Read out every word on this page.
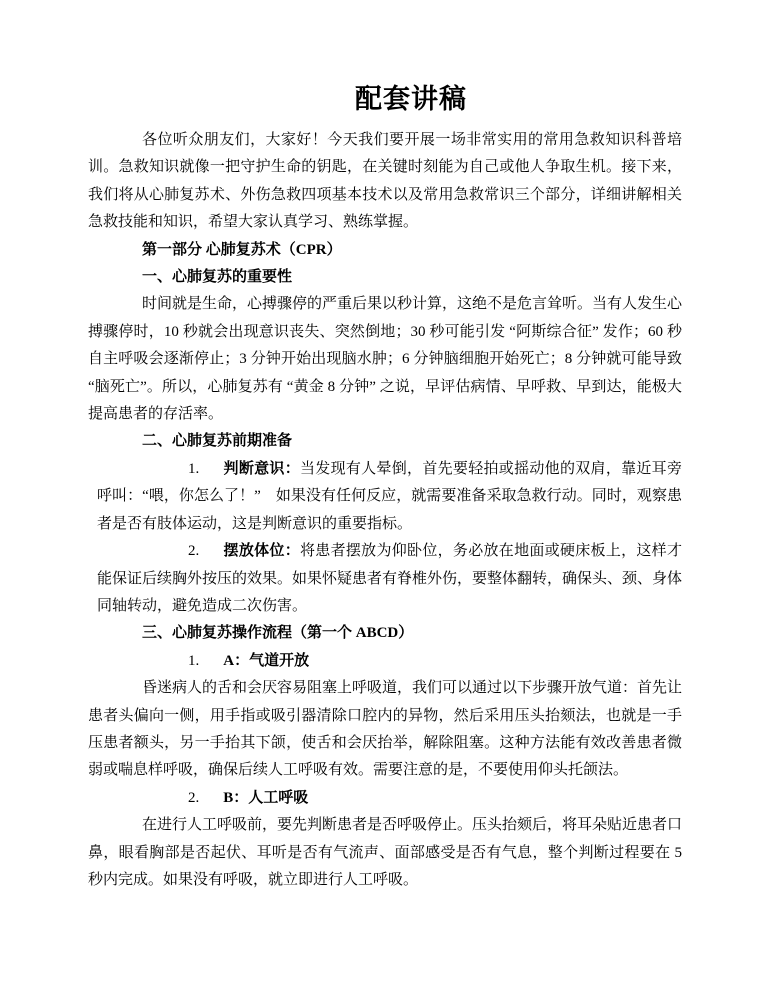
配套讲稿

各位听众朋友们，大家好！今天我们要开展一场非常实用的常用急救知识科普培训。急救知识就像一把守护生命的钥匙，在关键时刻能为自己或他人争取生机。接下来，我们将从心肺复苏术、外伤急救四项基本技术以及常用急救常识三个部分，详细讲解相关急救技能和知识，希望大家认真学习、熟练掌握。

第一部分 心肺复苏术（CPR）

一、心肺复苏的重要性

时间就是生命，心搏骤停的严重后果以秒计算，这绝不是危言耸听。当有人发生心搏骤停时，10 秒就会出现意识丧失、突然倒地；30 秒可能引发 “阿斯综合征” 发作；60 秒自主呼吸会逐渐停止；3 分钟开始出现脑水肿；6 分钟脑细胞开始死亡；8 分钟就可能导致 “脑死亡”。所以，心肺复苏有 “黄金 8 分钟” 之说，早评估病情、早呼救、早到达，能极大提高患者的存活率。

二、心肺复苏前期准备

1. 判断意识：当发现有人晕倒，首先要轻拍或摇动他的双肩，靠近耳旁呼叫：“喂，你怎么了！”　如果没有任何反应，就需要准备采取急救行动。同时，观察患者是否有肢体运动，这是判断意识的重要指标。

2. 摆放体位：将患者摆放为仰卧位，务必放在地面或硬床板上，这样才能保证后续胸外按压的效果。如果怀疑患者有脊椎外伤，要整体翻转，确保头、颈、身体同轴转动，避免造成二次伤害。

三、心肺复苏操作流程（第一个 ABCD）

1. A：气道开放

昏迷病人的舌和会厌容易阻塞上呼吸道，我们可以通过以下步骤开放气道：首先让患者头偏向一侧，用手指或吸引器清除口腔内的异物，然后采用压头抬颏法，也就是一手压患者额头，另一手抬其下颌，使舌和会厌抬举，解除阻塞。这种方法能有效改善患者微弱或喘息样呼吸，确保后续人工呼吸有效。需要注意的是，不要使用仰头托颌法。

2. B：人工呼吸

在进行人工呼吸前，要先判断患者是否呼吸停止。压头抬颏后，将耳朵贴近患者口鼻，眼看胸部是否起伏、耳听是否有气流声、面部感受是否有气息，整个判断过程要在 5 秒内完成。如果没有呼吸，就立即进行人工呼吸。
